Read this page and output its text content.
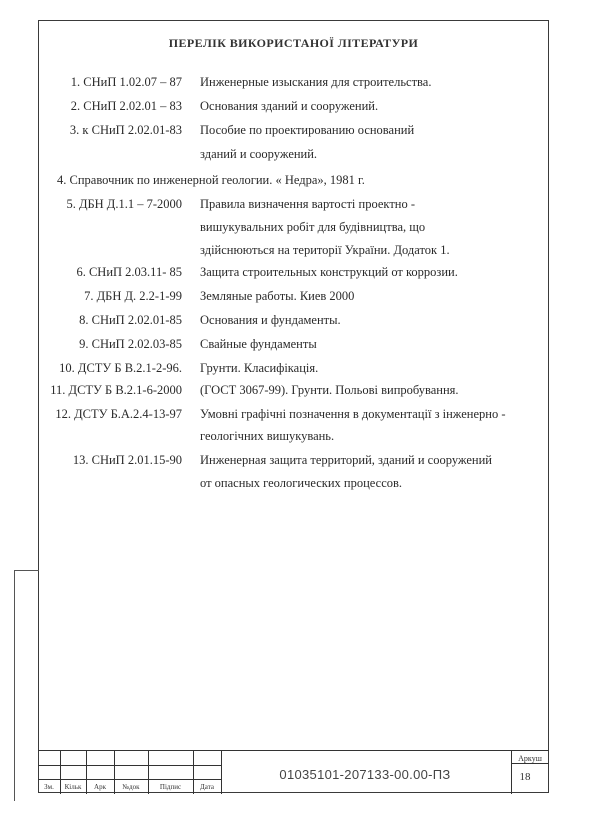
ПЕРЕЛІК ВИКОРИСТАНОЇ ЛІТЕРАТУРИ
1. СНиП 1.02.07 – 87 Инженерные изыскания для строительства.
2. СНиП 2.02.01 – 83 Основания зданий и сооружений.
3. к СНиП 2.02.01-83 Пособие по проектированию оснований
зданий и сооружений.
4. Справочник по инженерной геологии. « Недра», 1981 г.
5. ДБН Д.1.1 – 7-2000 Правила визначення вартості проектно -
вишукувальних робіт для будівництва, що
здійснюються на території України. Додаток 1.
6. СНиП 2.03.11- 85 Защита строительных конструкций от коррозии.
7. ДБН Д. 2.2-1-99 Земляные работы. Киев 2000
8. СНиП 2.02.01-85 Основания и фундаменты.
9. СНиП 2.02.03-85 Свайные фундаменты
10. ДСТУ Б В.2.1-2-96. Грунти. Класифікація.
11. ДСТУ Б В.2.1-6-2000 (ГОСТ 3067-99). Грунти. Польові випробування.
12. ДСТУ Б.А.2.4-13-97 Умовні графічні позначення в документації з інженерно -
геологічних вишукувань.
13. СНиП 2.01.15-90 Инженерная защита территорий, зданий и сооружений
от опасных геологических процессов.
Зм.	Кільк	Арк	№док	Підпис	Дата
01035101-207133-00.00-ПЗ
Аркуш
18
